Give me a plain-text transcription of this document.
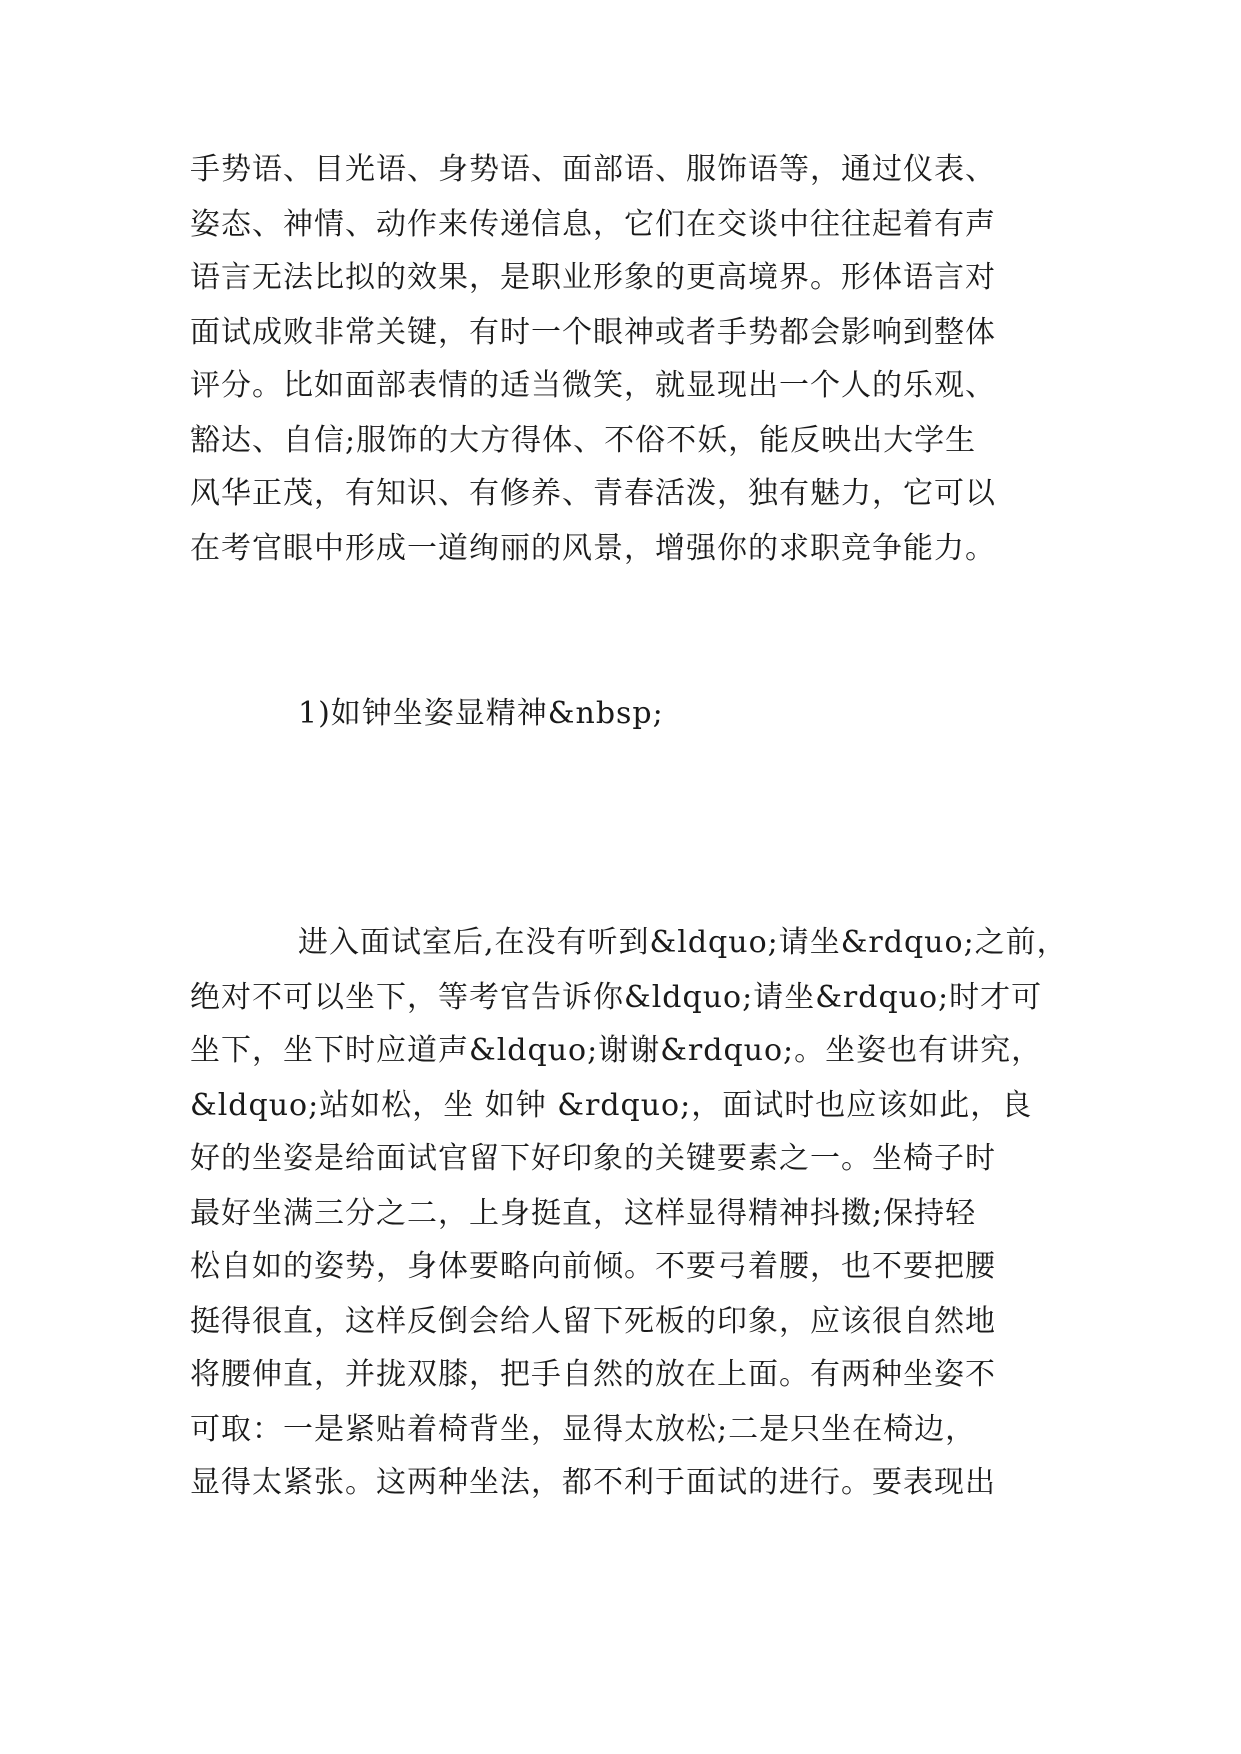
手势语、目光语、身势语、面部语、服饰语等，通过仪表、
姿态、神情、动作来传递信息，它们在交谈中往往起着有声
语言无法比拟的效果，是职业形象的更高境界。形体语言对
面试成败非常关键，有时一个眼神或者手势都会影响到整体
评分。比如面部表情的适当微笑，就显现出一个人的乐观、
豁达、自信;服饰的大方得体、不俗不妖，能反映出大学生
风华正茂，有知识、有修养、青春活泼，独有魅力，它可以
在考官眼中形成一道绚丽的风景，增强你的求职竞争能力。
1)如钟坐姿显精神&nbsp;
进入面试室后,在没有听到&ldquo;请坐&rdquo;之前，
绝对不可以坐下，等考官告诉你&ldquo;请坐&rdquo;时才可
坐下，坐下时应道声&ldquo;谢谢&rdquo;。坐姿也有讲究，
&ldquo;站如松，坐 如钟 &rdquo;，面试时也应该如此，良
好的坐姿是给面试官留下好印象的关键要素之一。坐椅子时
最好坐满三分之二，上身挺直，这样显得精神抖擞;保持轻
松自如的姿势，身体要略向前倾。不要弓着腰，也不要把腰
挺得很直，这样反倒会给人留下死板的印象，应该很自然地
将腰伸直，并拢双膝，把手自然的放在上面。有两种坐姿不
可取：一是紧贴着椅背坐，显得太放松;二是只坐在椅边，
显得太紧张。这两种坐法，都不利于面试的进行。要表现出
